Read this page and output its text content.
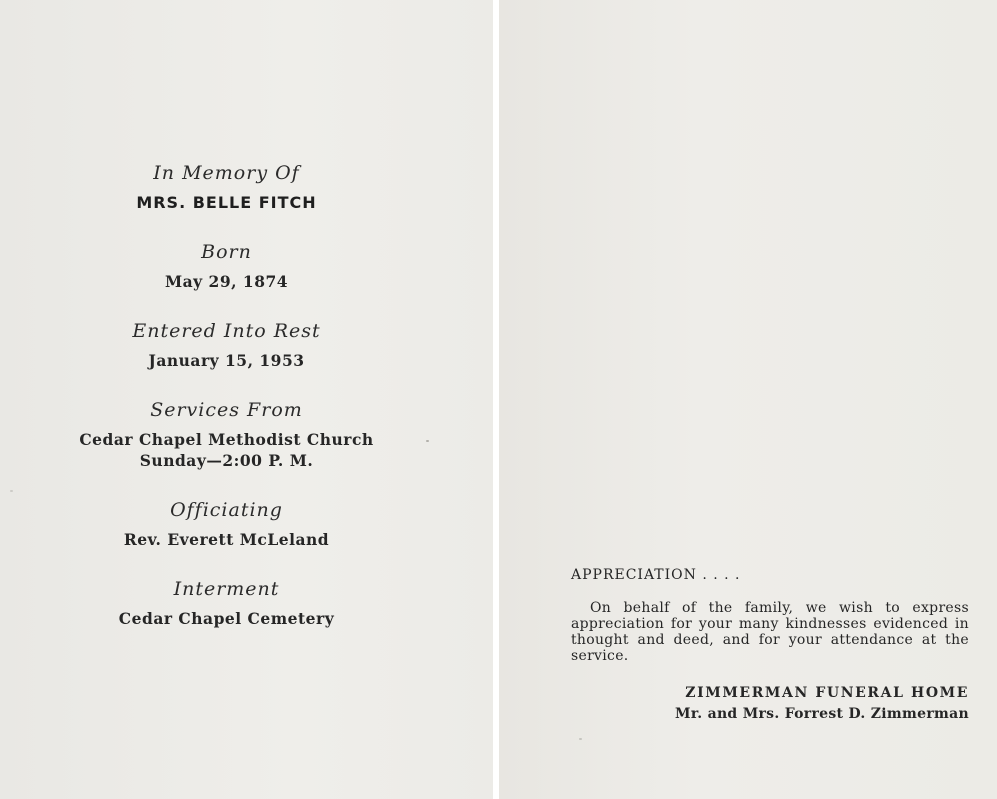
In Memory Of
MRS. BELLE FITCH
Born
May 29, 1874
Entered Into Rest
January 15, 1953
Services From
Cedar Chapel Methodist Church
Sunday—2:00 P. M.
Officiating
Rev. Everett McLeland
Interment
Cedar Chapel Cemetery
APPRECIATION . . . .
On behalf of the family, we wish to express appreciation for your many kindnesses evidenced in thought and deed, and for your attendance at the service.
ZIMMERMAN FUNERAL HOME
Mr. and Mrs. Forrest D. Zimmerman
